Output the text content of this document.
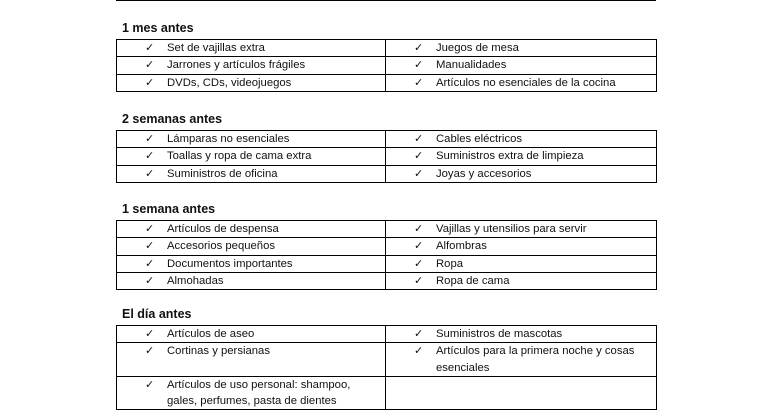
1 mes antes
✓ Set de vajillas extra	✓ Juegos de mesa

✓ Jarrones y artículos frágiles	✓ Manualidades

✓ DVDs, CDs, videojuegos	✓ Artículos no esenciales de la cocina
2 semanas antes
✓ Lámparas no esenciales	✓ Cables eléctricos

✓ Toallas y ropa de cama extra	✓ Suministros extra de limpieza

✓ Suministros de oficina	✓ Joyas y accesorios
1 semana antes
✓ Artículos de despensa	✓ Vajillas y utensilios para servir

✓ Accesorios pequeños	✓ Alfombras

✓ Documentos importantes	✓ Ropa

✓ Almohadas	✓ Ropa de cama
El día antes
✓ Artículos de aseo	✓ Suministros de mascotas

✓ Cortinas y persianas	✓ Artículos para la primera noche y cosas esenciales

✓ Artículos de uso personal: shampoo, gales, perfumes, pasta de dientes	
